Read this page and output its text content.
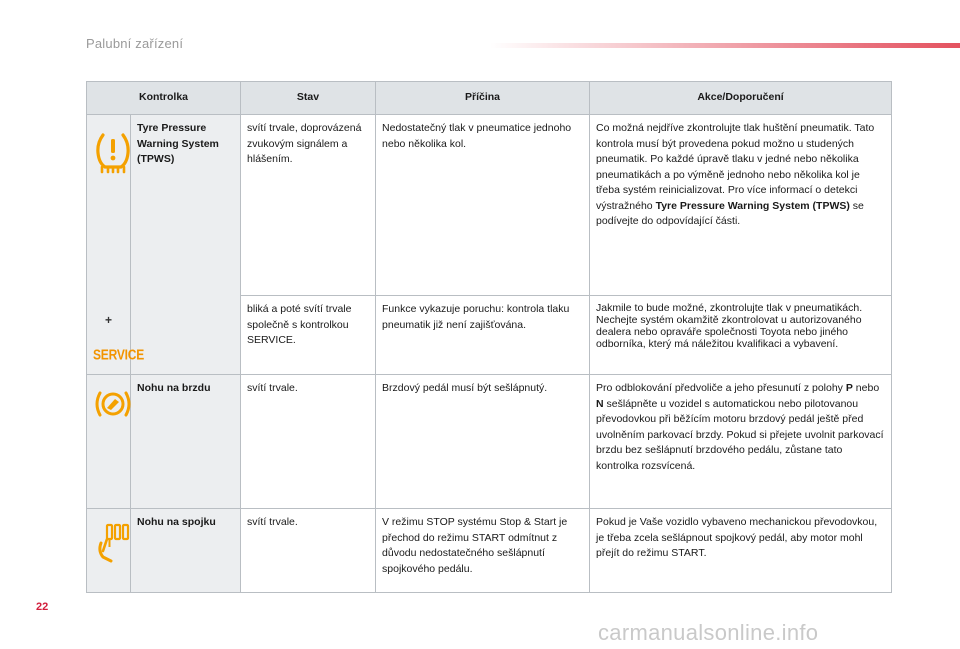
Palubní zařízení
Kontrolka		Stav	Příčina	Akce/Doporučení

+
SERVICE	Tyre Pressure Warning System (TPWS)	svítí trvale, doprovázená zvukovým signálem a hlášením.	Nedostatečný tlak v pneumatice jednoho nebo několika kol.	Co možná nejdříve zkontrolujte tlak huštění pneumatik. Tato kontrola musí být provedena pokud možno u studených pneumatik. Po každé úpravě tlaku v jedné nebo několika pneumatikách a po výměně jednoho nebo několika kol je třeba systém reinicializovat. Pro více informací o detekci výstražného Tyre Pressure Warning System (TPWS) se podívejte do odpovídající části.
		bliká a poté svítí trvale společně s kontrolkou SERVICE.	Funkce vykazuje poruchu: kontrola tlaku pneumatik již není zajišťována.	Jakmile to bude možné, zkontrolujte tlak v pneumatikách. Nechejte systém okamžitě zkontrolovat u autorizovaného dealera nebo opravářе společnosti Toyota nebo jiného odborníka, který má náležitou kvalifikaci a vybavení.
	Nohu na brzdu	svítí trvale.	Brzdový pedál musí být sešlápnutý.	Pro odblokování předvoliče a jeho přesunutí z polohy P nebo N sešlápněte u vozidel s automatickou nebo pilotovanou převodovkou při běžícím motoru brzdový pedál ještě před uvolněním parkovací brzdy. Pokud si přejete uvolnit parkovací brzdu bez sešlápnutí brzdového pedálu, zůstane tato kontrolka rozsvícená.
	Nohu na spojku	svítí trvale.	V režimu STOP systému Stop & Start je přechod do režimu START odmítnut z důvodu nedostatečného sešlápnutí spojkového pedálu.	Pokud je Vaše vozidlo vybaveno mechanickou převodovkou, je třeba zcela sešlápnout spojkový pedál, aby motor mohl přejít do režimu START.
22
carmanualsonline.info
